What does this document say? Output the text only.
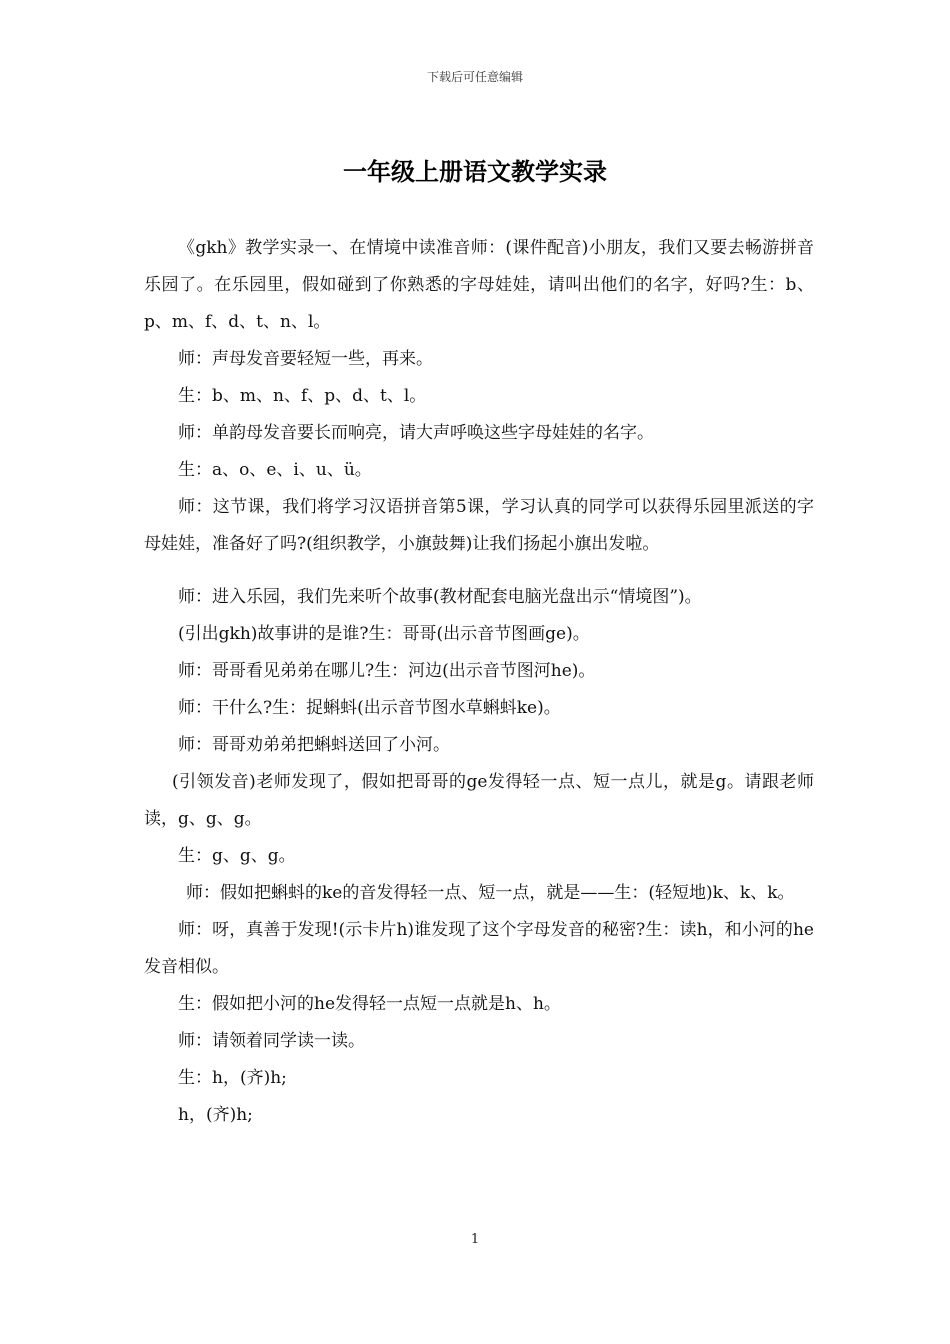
下载后可任意编辑
一年级上册语文教学实录

《gkh》教学实录一、在情境中读准音师：(课件配音)小朋友，我们又要去畅游拼音乐园了。在乐园里，假如碰到了你熟悉的字母娃娃，请叫出他们的名字，好吗?生：b、p、m、f、d、t、n、l。

师：声母发音要轻短一些，再来。

生：b、m、n、f、p、d、t、l。

师：单韵母发音要长而响亮，请大声呼唤这些字母娃娃的名字。

生：a、o、e、i、u、ü。

师：这节课，我们将学习汉语拼音第5课，学习认真的同学可以获得乐园里派送的字母娃娃，准备好了吗?(组织教学，小旗鼓舞)让我们扬起小旗出发啦。

师：进入乐园，我们先来听个故事(教材配套电脑光盘出示“情境图”)。

(引出gkh)故事讲的是谁?生：哥哥(出示音节图画ge)。

师：哥哥看见弟弟在哪儿?生：河边(出示音节图河he)。

师：干什么?生：捉蝌蚪(出示音节图水草蝌蚪ke)。

师：哥哥劝弟弟把蝌蚪送回了小河。

(引领发音)老师发现了，假如把哥哥的ge发得轻一点、短一点儿，就是g。请跟老师读，g、g、g。

生：g、g、g。

师：假如把蝌蚪的ke的音发得轻一点、短一点，就是——生：(轻短地)k、k、k。

师：呀，真善于发现!(示卡片h)谁发现了这个字母发音的秘密?生：读h，和小河的he发音相似。

生：假如把小河的he发得轻一点短一点就是h、h。

师：请领着同学读一读。

生：h，(齐)h;

h，(齐)h;

1
